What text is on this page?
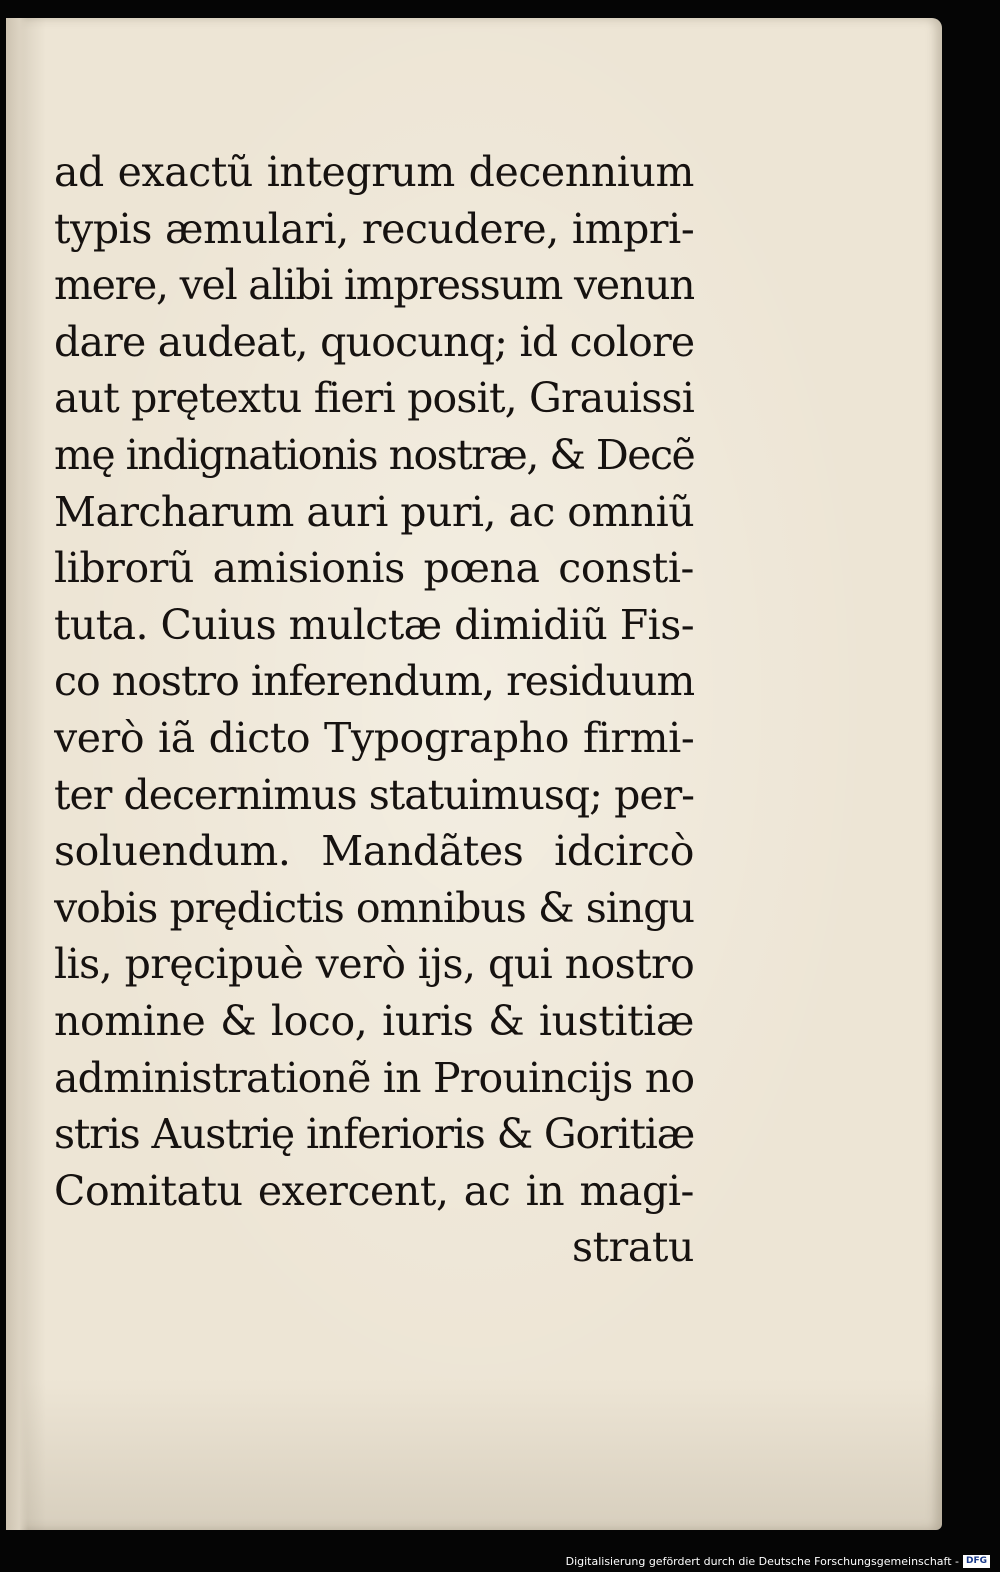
ad exactũ integrum decennium
typis æmulari, recudere, impri-
mere, vel alibi impressum venun
dare audeat, quocunq; id colore
aut prętextu fieri posit, Grauissi
mę indignationis nostræ, & Decẽ
Marcharum auri puri, ac omniũ
librorũ amisionis pœna consti-
tuta. Cuius mulctæ dimidiũ Fis-
co nostro inferendum, residuum
verò iã dicto Typographo firmi-
ter decernimus statuimusq; per-
soluendum. Mandãtes idcircò
vobis prędictis omnibus & singu
lis, pręcipuè verò ijs, qui nostro
nomine & loco, iuris & iustitiæ
administrationẽ in Prouincijs no
stris Austrię inferioris & Goritiæ
Comitatu exercent, ac in magi-
stratu
Digitalisierung gefördert durch die Deutsche Forschungsgemeinschaft - DFG
